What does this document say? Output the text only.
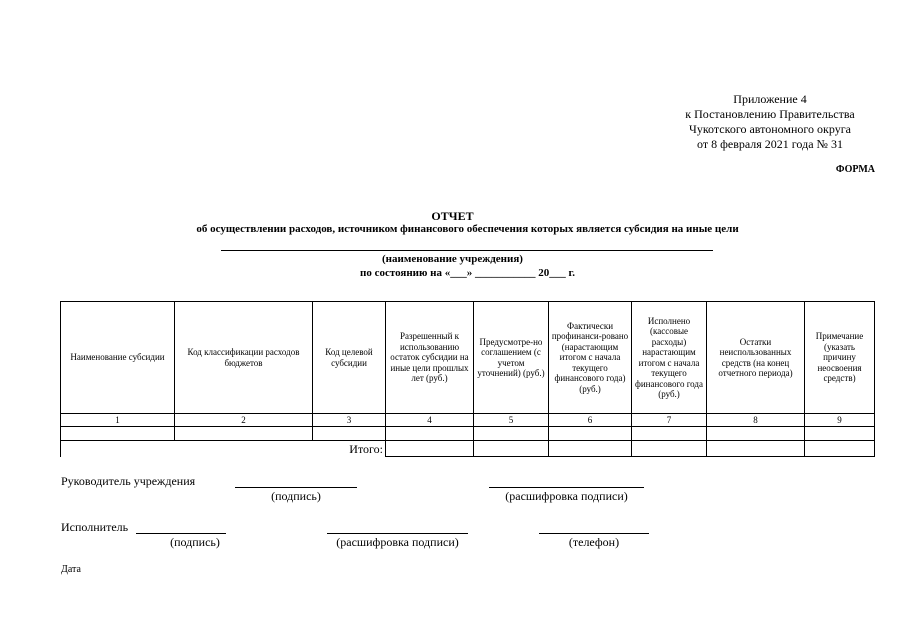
Приложение 4
к Постановлению Правительства
Чукотского автономного округа
от 8 февраля 2021 года № 31
ФОРМА
ОТЧЕТ
об осуществлении расходов, источником финансового обеспечения которых является субсидия на иные цели
(наименование учреждения)
по состоянию на «___» ___________ 20___ г.
Наименование субсидии	Код классификации расходов бюджетов	Код целевой субсидии	Разрешенный к использованию остаток субсидии на иные цели прошлых лет (руб.)	Предусмотре-но соглашением (с учетом уточнений) (руб.)	Фактически профинанси-ровано (нарастающим итогом с начала текущего финансового года) (руб.)	Исполнено (кассовые расходы) нарастающим итогом с начала текущего финансового года (руб.)	Остатки неиспользованных средств (на конец отчетного периода)	Примечание (указать причину неосвоения средств)
1	2	3	4	5	6	7	8	9

		Итого:						
Руководитель учреждения
(подпись)	(расшифровка подписи)
Исполнитель
(подпись)	(расшифровка подписи)	(телефон)
Дата
